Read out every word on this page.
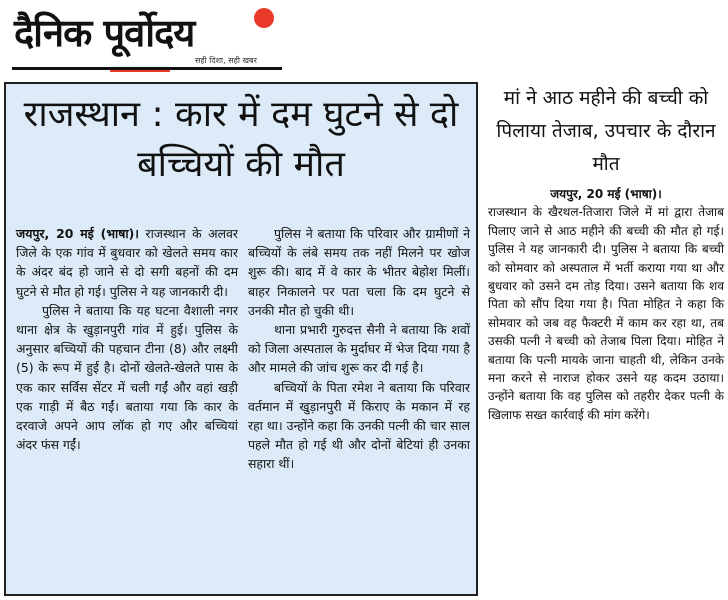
दैनिक पूर्वोदय
सही दिशा, सही खबर
राजस्थान : कार में दम घुटने से दो बच्चियों की मौत

जयपुर, 20 मई (भाषा)। राजस्थान के अलवर जिले के एक गांव में बुधवार को खेलते समय कार के अंदर बंद हो जाने से दो सगी बहनों की दम घुटने से मौत हो गई। पुलिस ने यह जानकारी दी।

पुलिस ने बताया कि यह घटना वैशाली नगर थाना क्षेत्र के खुड़ानपुरी गांव में हुई। पुलिस के अनुसार बच्चियों की पहचान टीना (8) और लक्ष्मी (5) के रूप में हुई है। दोनों खेलते-खेलते पास के एक कार सर्विस सेंटर में चली गईं और वहां खड़ी एक गाड़ी में बैठ गईं। बताया गया कि कार के दरवाजे अपने आप लॉक हो गए और बच्चियां अंदर फंस गईं।

पुलिस ने बताया कि परिवार और ग्रामीणों ने बच्चियों के लंबे समय तक नहीं मिलने पर खोज शुरू की। बाद में वे कार के भीतर बेहोश मिलीं। बाहर निकालने पर पता चला कि दम घुटने से उनकी मौत हो चुकी थी।

थाना प्रभारी गुरुदत्त सैनी ने बताया कि शवों को जिला अस्पताल के मुर्दाघर में भेज दिया गया है और मामले की जांच शुरू कर दी गई है।

बच्चियों के पिता रमेश ने बताया कि परिवार वर्तमान में खुड़ानपुरी में किराए के मकान में रह रहा था। उन्होंने कहा कि उनकी पत्नी की चार साल पहले मौत हो गई थी और दोनों बेटियां ही उनका सहारा थीं।

मां ने आठ महीने की बच्ची को पिलाया तेजाब, उपचार के दौरान मौत

जयपुर, 20 मई (भाषा)।

राजस्थान के खैरथल-तिजारा जिले में मां द्वारा तेजाब पिलाए जाने से आठ महीने की बच्ची की मौत हो गई। पुलिस ने यह जानकारी दी। पुलिस ने बताया कि बच्ची को सोमवार को अस्पताल में भर्ती कराया गया था और बुधवार को उसने दम तोड़ दिया। उसने बताया कि शव पिता को सौंप दिया गया है। पिता मोहित ने कहा कि सोमवार को जब वह फैक्टरी में काम कर रहा था, तब उसकी पत्नी ने बच्ची को तेजाब पिला दिया। मोहित ने बताया कि पत्नी मायके जाना चाहती थी, लेकिन उनके मना करने से नाराज होकर उसने यह कदम उठाया। उन्होंने बताया कि वह पुलिस को तहरीर देकर पत्नी के खिलाफ सख्त कार्रवाई की मांग करेंगे।
